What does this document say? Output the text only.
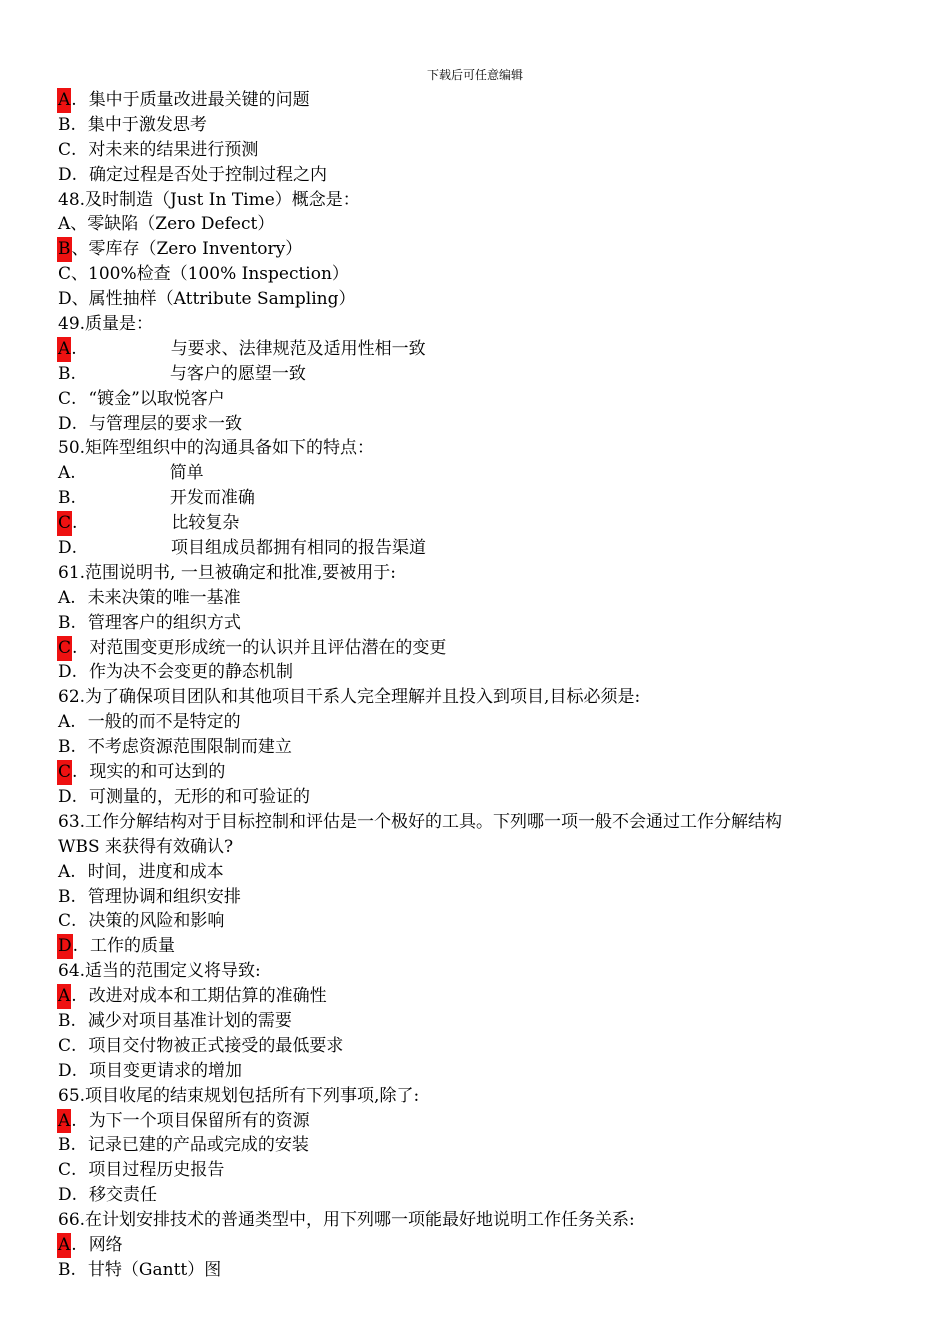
下载后可任意编辑
A. 集中于质量改进最关键的问题
B. 集中于激发思考
C. 对未来的结果进行预测
D. 确定过程是否处于控制过程之内
48.及时制造（Just In Time）概念是：
A、零缺陷（Zero Defect）
B、零库存（Zero Inventory）
C、100%检查（100% Inspection）
D、属性抽样（Attribute Sampling）
49.质量是：
A.	与要求、法律规范及适用性相一致
B.	与客户的愿望一致
C. “镀金”以取悦客户
D. 与管理层的要求一致
50.矩阵型组织中的沟通具备如下的特点：
A.	简单
B.	开发而准确
C.	比较复杂
D.	项目组成员都拥有相同的报告渠道
61.范围说明书, 一旦被确定和批准,要被用于:
A. 未来决策的唯一基准
B. 管理客户的组织方式
C. 对范围变更形成统一的认识并且评估潜在的变更
D. 作为决不会变更的静态机制
62.为了确保项目团队和其他项目干系人完全理解并且投入到项目,目标必须是:
A. 一般的而不是特定的
B. 不考虑资源范围限制而建立
C. 现实的和可达到的
D. 可测量的，无形的和可验证的
63.工作分解结构对于目标控制和评估是一个极好的工具。下列哪一项一般不会通过工作分解结构
WBS 来获得有效确认?
A. 时间，进度和成本
B. 管理协调和组织安排
C. 决策的风险和影响
D. 工作的质量
64.适当的范围定义将导致:
A. 改进对成本和工期估算的准确性
B. 减少对项目基准计划的需要
C. 项目交付物被正式接受的最低要求
D. 项目变更请求的增加
65.项目收尾的结束规划包括所有下列事项,除了:
A. 为下一个项目保留所有的资源
B. 记录已建的产品或完成的安装
C. 项目过程历史报告
D. 移交责任
66.在计划安排技术的普通类型中，用下列哪一项能最好地说明工作任务关系:
A. 网络
B. 甘特（Gantt）图
